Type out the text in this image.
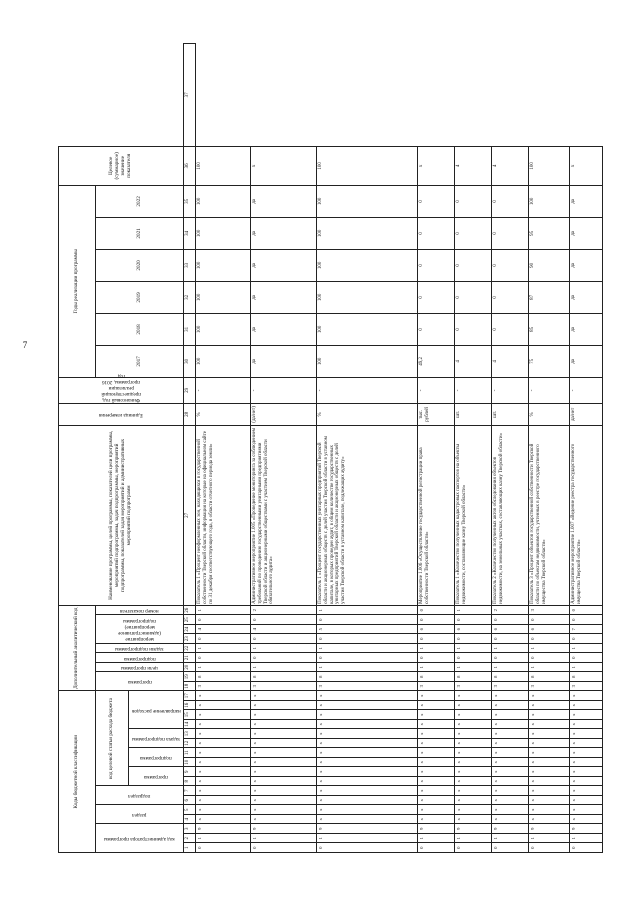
7
Коды бюджетной классификации																	Дополнительный аналитический код									Наименование программы, целей программы, показателей цели программы, мероприятий подпрограммы, задач подпрограммы, мероприятий подпрограммы, показателей задач мероприятий и административных мероприятий подпрограмм	Единица измерения	Финансовый год, предшествующий реализации программы, 2016 год	Годы реализации программы						Целевое (суммарное) значение показателя	

код администратора программы			раздел		подраздел		код целевой статьи расхода бюджета										программа		цели программы	подпрограмма	задачи подпрограммы	мероприятие (административное мероприятие) подпрограммы			номер показателя				2017	2018	2019	2020	2021	2022		

							программа		подпрограмма		задача подпрограммы		направление расходов																							

1	2	3	4	5	6	7	8	9	10	11	12	13	14	15	16	17	18	19	20	21	22	23	24	25	26	27	28	29	30	31	32	33	34	35	36	37
0	1	9	х	х	х	х	х	х	х	х	х	х	х	х	х	х	3	8	1	0	1	0	4	0	1	Показатель 1 «Процент неоформленных зон, находящихся в государственной собственности Тверской области, информация на которые на официальном сайте по 31 декабря соответствующего года, в области отчетного периода земли»	%	-	100	100	100	100	100	100	100	
0	1	9	х	х	х	х	х	х	х	х	х	х	х	х	х	х	3	8	1	0	1	0	4	0	2	Административное мероприятие 1.005 «Проведение мониторинга за соблюдением требований по проведению государственными унитарными предприятиями Тверской области и акционерными обществами с участием Тверской области обязательного аудита»	(да/нет)	-	да	да	да	да	да	да	х	
0	1	9	х	х	х	х	х	х	х	х	х	х	х	х	х	х	3	8	1	0	1	0	5	0	1	Показатель 1 «Процент государственных унитарных предприятий Тверской области и акционерных обществ с долей участия Тверской области в уставном капитале, в которых проведен аудит, в общем количестве государственных унитарных предприятий Тверской области и акционерных обществ с долей участия Тверской области в уставном капитале, подлежащих аудиту»	%	-	100	100	100	100	100	100	100	
0	1	9	х	х	х	х	х	х	х	х	х	х	х	х	х	х	3	8	1	0	1	0	6	0	0	Мероприятие 1.006 «Осуществление государственной регистрации права собственности Тверской области»	тыс. рублей	-	49,2	0	0	0	0	0	х	
0	1	9	х	х	х	х	х	х	х	х	х	х	х	х	х	х	3	8	1	0	1	0	6	0	1	Показатель 1 «Количество полученных кадастровых паспортов на объекты недвижимости, составляющие казну Тверской области»	шт.	-	4	0	0	0	0	0	4	
0	1	9	х	х	х	х	х	х	х	х	х	х	х	х	х	х	3	8	1	0	1	0	6	0	2	Показатель 2 «Количество полученных актов обследования объектов недвижимости, на земельных участках, составляющих казну Тверской области»	шт.	-	4	0	0	0	0	0	4	
0	1	9	х	х	х	х	х	х	х	х	х	х	х	х	х	х	3	8	1	0	1	0	6	0	3	Показатель 3 «Процент объектов государственной собственности Тверской области по объектам недвижимости, учтенных в реестре государственного имущества Тверской области»	%	-	75	85	87	90	95	100	100	
0	1	9	х	х	х	х	х	х	х	х	х	х	х	х	х	х	3	8	1	0	1	0	7	0	0	Административное мероприятие 1.007 «Ведение реестра государственного имущества Тверской области»	да/нет	-	да	да	да	да	да	да	х	
